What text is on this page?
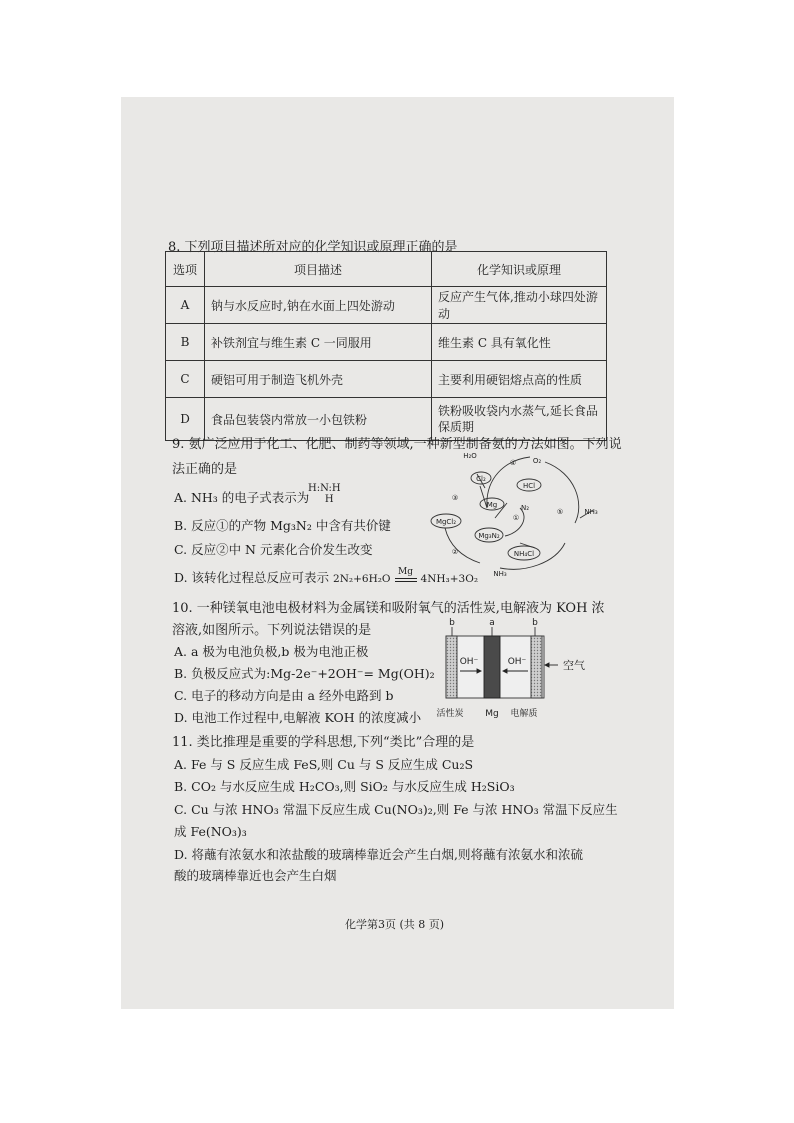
8. 下列项目描述所对应的化学知识或原理正确的是
选项	项目描述	化学知识或原理
A	钠与水反应时,钠在水面上四处游动	反应产生气体,推动小球四处游动
B	补铁剂宜与维生素 C 一同服用	维生素 C 具有氧化性
C	硬铝可用于制造飞机外壳	主要利用硬铝熔点高的性质
D	食品包装袋内常放一小包铁粉	铁粉吸收袋内水蒸气,延长食品保质期
9. 氨广泛应用于化工、化肥、制药等领域,一种新型制备氨的方法如图。下列说
法正确的是
A. NH₃ 的电子式表示为
H:N:H
H
B. 反应①的产物 Mg₃N₂ 中含有共价键
C. 反应②中 N 元素化合价发生改变
D. 该转化过程总反应可表示 2N₂+6H₂O
Mg
4NH₃+3O₂
H₂O
O₂
Cl₂
HCl
Mg	N₂
MgCl₂
Mg₃N₂
NH₄Cl
NH₃
NH₃
①
②
③
④
⑤
10. 一种镁氧电池电极材料为金属镁和吸附氧气的活性炭,电解液为 KOH 浓
溶液,如图所示。下列说法错误的是
A. a 极为电池负极,b 极为电池正极
B. 负极反应式为:Mg-2e⁻+2OH⁻= Mg(OH)₂
C. 电子的移动方向是由 a 经外电路到 b
D. 电池工作过程中,电解液 KOH 的浓度减小
b	a	b
OH⁻	OH⁻	空气
活性炭 Mg 电解质
11. 类比推理是重要的学科思想,下列“类比”合理的是
A. Fe 与 S 反应生成 FeS,则 Cu 与 S 反应生成 Cu₂S
B. CO₂ 与水反应生成 H₂CO₃,则 SiO₂ 与水反应生成 H₂SiO₃
C. Cu 与浓 HNO₃ 常温下反应生成 Cu(NO₃)₂,则 Fe 与浓 HNO₃ 常温下反应生
成 Fe(NO₃)₃
D. 将蘸有浓氨水和浓盐酸的玻璃棒靠近会产生白烟,则将蘸有浓氨水和浓硫
酸的玻璃棒靠近也会产生白烟
化学第3页 (共 8 页)
